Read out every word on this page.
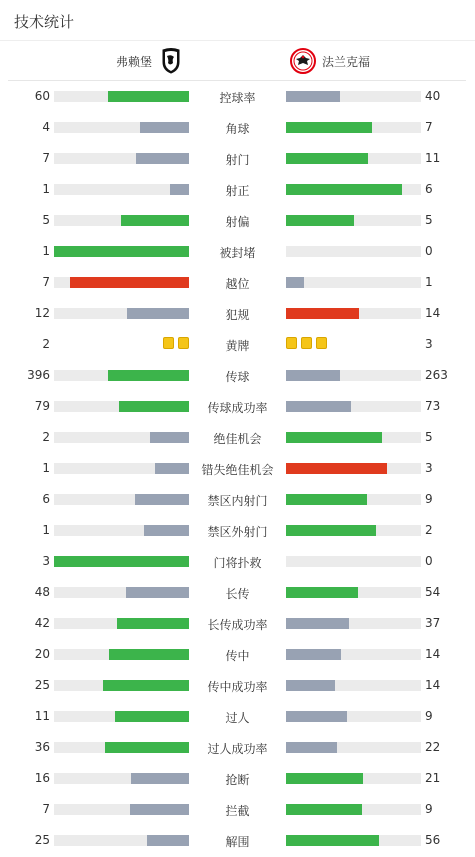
技术统计
弗赖堡	法兰克福
60	控球率	40
4	角球	7
7	射门	11
1	射正	6
5	射偏	5
1	被封堵	0
7	越位	1
12	犯规	14
2	黄牌	3
396	传球	263
79	传球成功率	73
2	绝佳机会	5
1	错失绝佳机会	3
6	禁区内射门	9
1	禁区外射门	2
3	门将扑救	0
48	长传	54
42	长传成功率	37
20	传中	14
25	传中成功率	14
11	过人	9
36	过人成功率	22
16	抢断	21
7	拦截	9
25	解围	56
